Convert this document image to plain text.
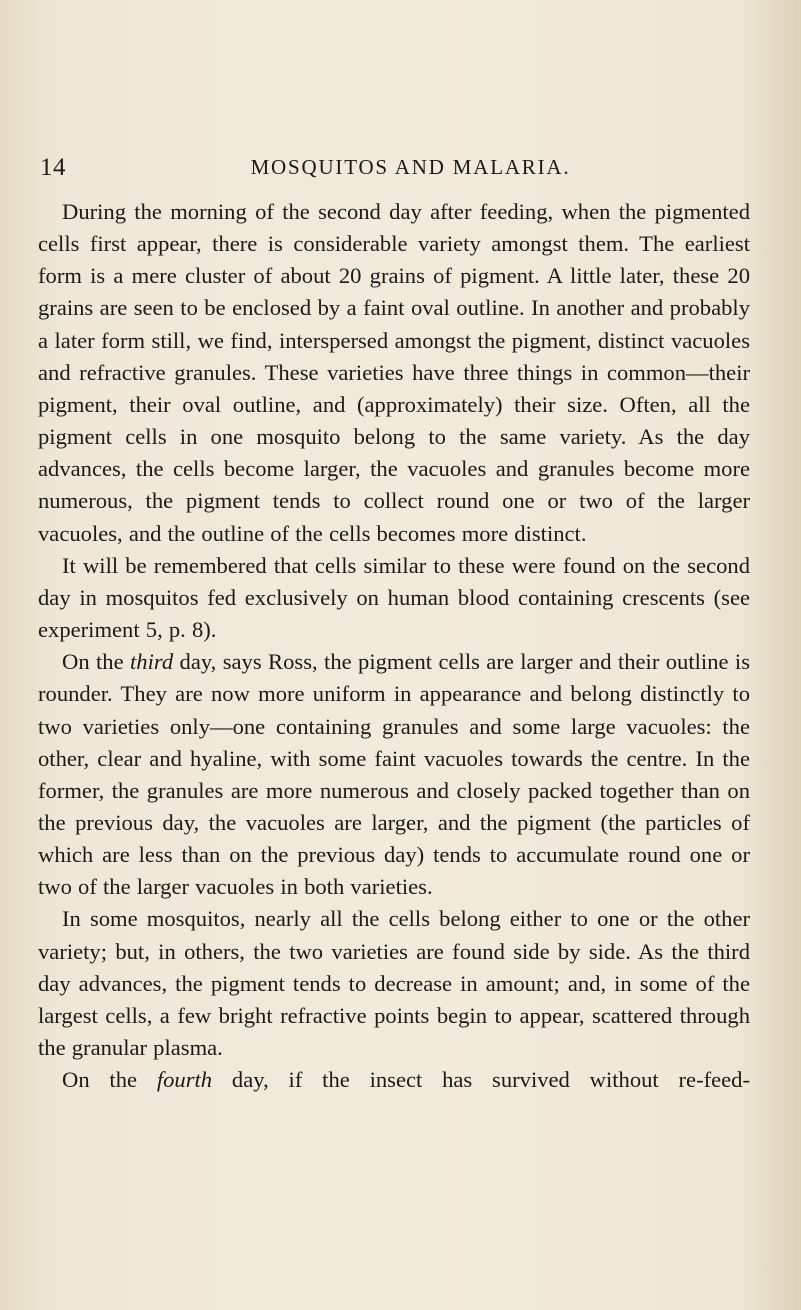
14	MOSQUITOS AND MALARIA.

During the morning of the second day after feeding, when the pigmented cells first appear, there is considerable variety amongst them. The earliest form is a mere cluster of about 20 grains of pigment. A little later, these 20 grains are seen to be enclosed by a faint oval outline. In another and probably a later form still, we find, interspersed amongst the pigment, distinct vacuoles and refractive granules. These varieties have three things in common—their pigment, their oval outline, and (approximately) their size. Often, all the pigment cells in one mosquito belong to the same variety. As the day advances, the cells become larger, the vacuoles and granules become more numerous, the pigment tends to collect round one or two of the larger vacuoles, and the outline of the cells becomes more distinct.

It will be remembered that cells similar to these were found on the second day in mosquitos fed exclusively on human blood containing crescents (see experiment 5, p. 8).

On the third day, says Ross, the pigment cells are larger and their outline is rounder. They are now more uniform in appearance and belong distinctly to two varieties only—one containing granules and some large vacuoles: the other, clear and hyaline, with some faint vacuoles towards the centre. In the former, the granules are more numerous and closely packed together than on the previous day, the vacuoles are larger, and the pigment (the particles of which are less than on the previous day) tends to accumulate round one or two of the larger vacuoles in both varieties.

In some mosquitos, nearly all the cells belong either to one or the other variety; but, in others, the two varieties are found side by side. As the third day advances, the pigment tends to decrease in amount; and, in some of the largest cells, a few bright refractive points begin to appear, scattered through the granular plasma.

On the fourth day, if the insect has survived without re-feed-
